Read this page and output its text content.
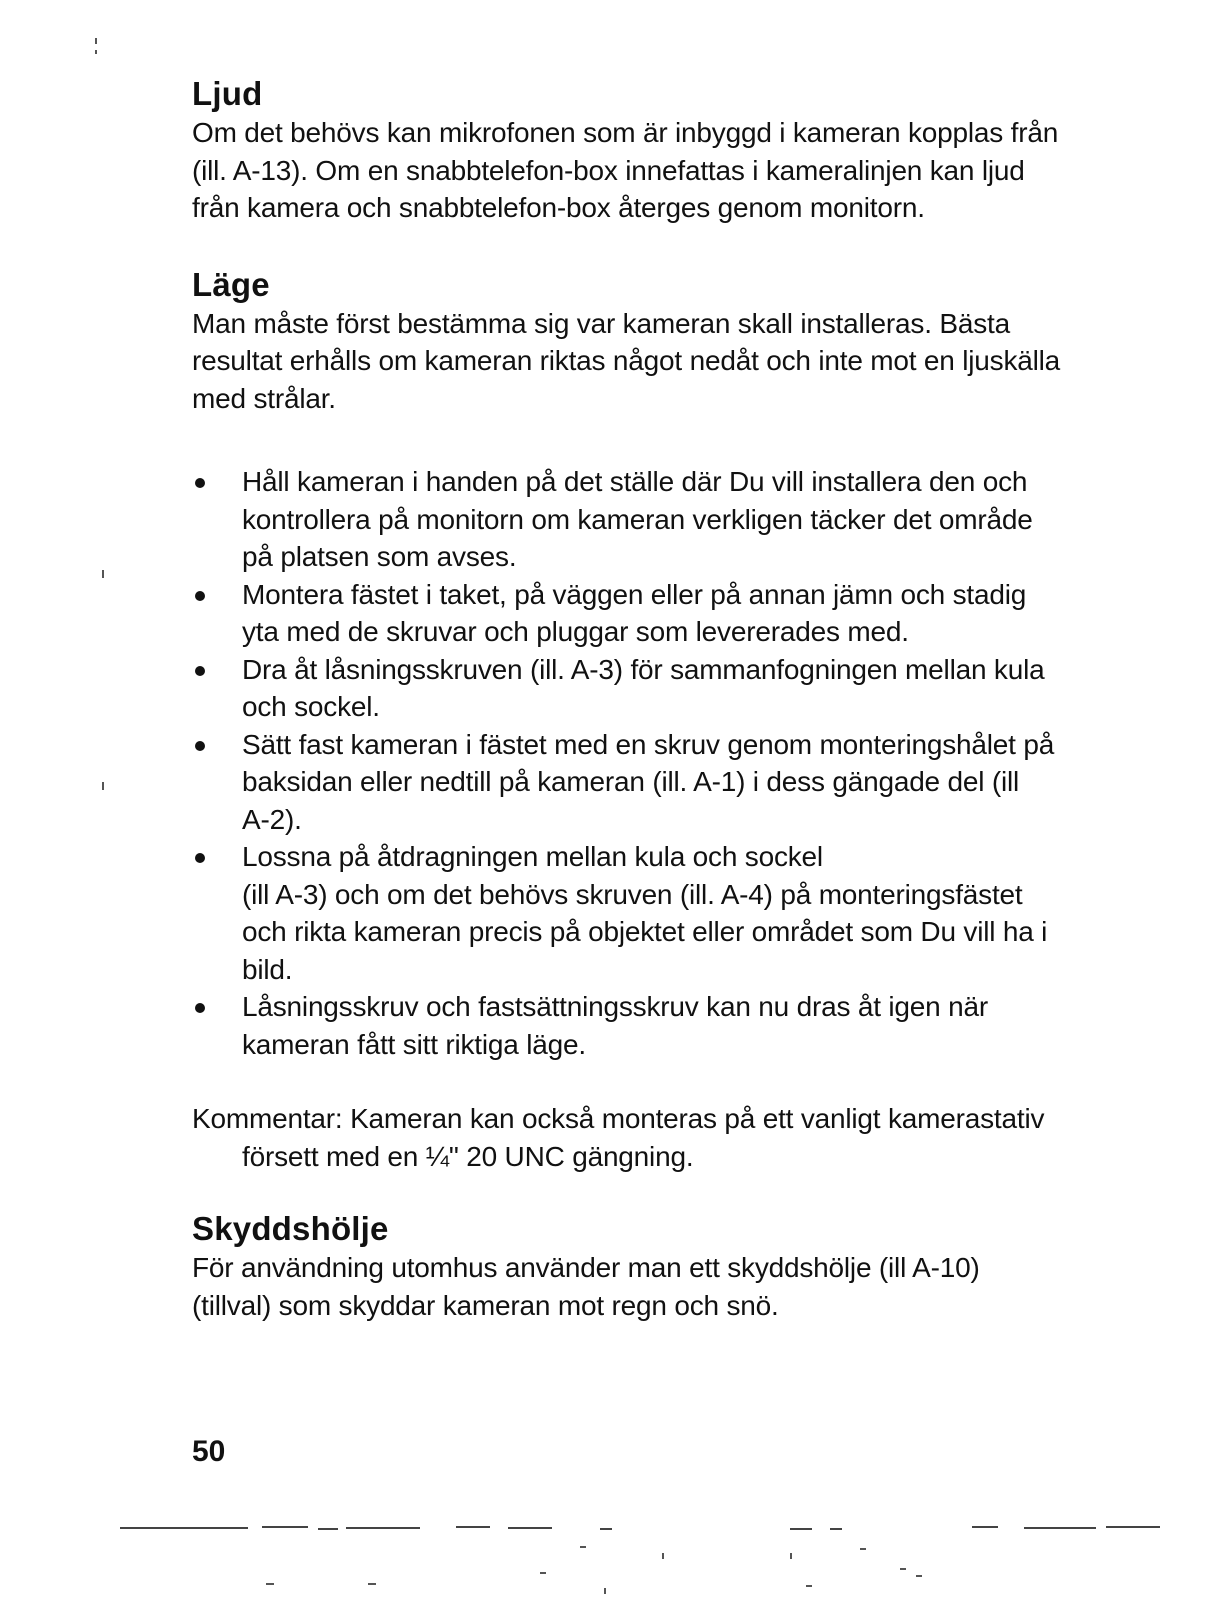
Ljud

Om det behövs kan mikrofonen som är inbyggd i kameran kopplas från
(ill. A-13). Om en snabbtelefon-box innefattas i kameralinjen kan ljud
från kamera och snabbtelefon-box återges genom monitorn.

Läge

Man måste först bestämma sig var kameran skall installeras. Bästa
resultat erhålls om kameran riktas något nedåt och inte mot en ljuskälla
med strålar.

Håll kameran i handen på det ställe där Du vill installera den och
kontrollera på monitorn om kameran verkligen täcker det område
på platsen som avses.
Montera fästet i taket, på väggen eller på annan jämn och stadig
yta med de skruvar och pluggar som levererades med.
Dra åt låsningsskruven (ill. A-3) för sammanfogningen mellan kula
och sockel.
Sätt fast kameran i fästet med en skruv genom monteringshålet på
baksidan eller nedtill på kameran (ill. A-1) i dess gängade del (ill
A-2).
Lossna på åtdragningen mellan kula och sockel
(ill A-3) och om det behövs skruven (ill. A-4) på monteringsfästet
och rikta kameran precis på objektet eller området som Du vill ha i
bild.
Låsningsskruv och fastsättningsskruv kan nu dras åt igen när
kameran fått sitt riktiga läge.

Kommentar: Kameran kan också monteras på ett vanligt kamerastativ
försett med en ¼" 20 UNC gängning.

Skyddshölje

För användning utomhus använder man ett skyddshölje (ill A-10)
(tillval) som skyddar kameran mot regn och snö.

50
